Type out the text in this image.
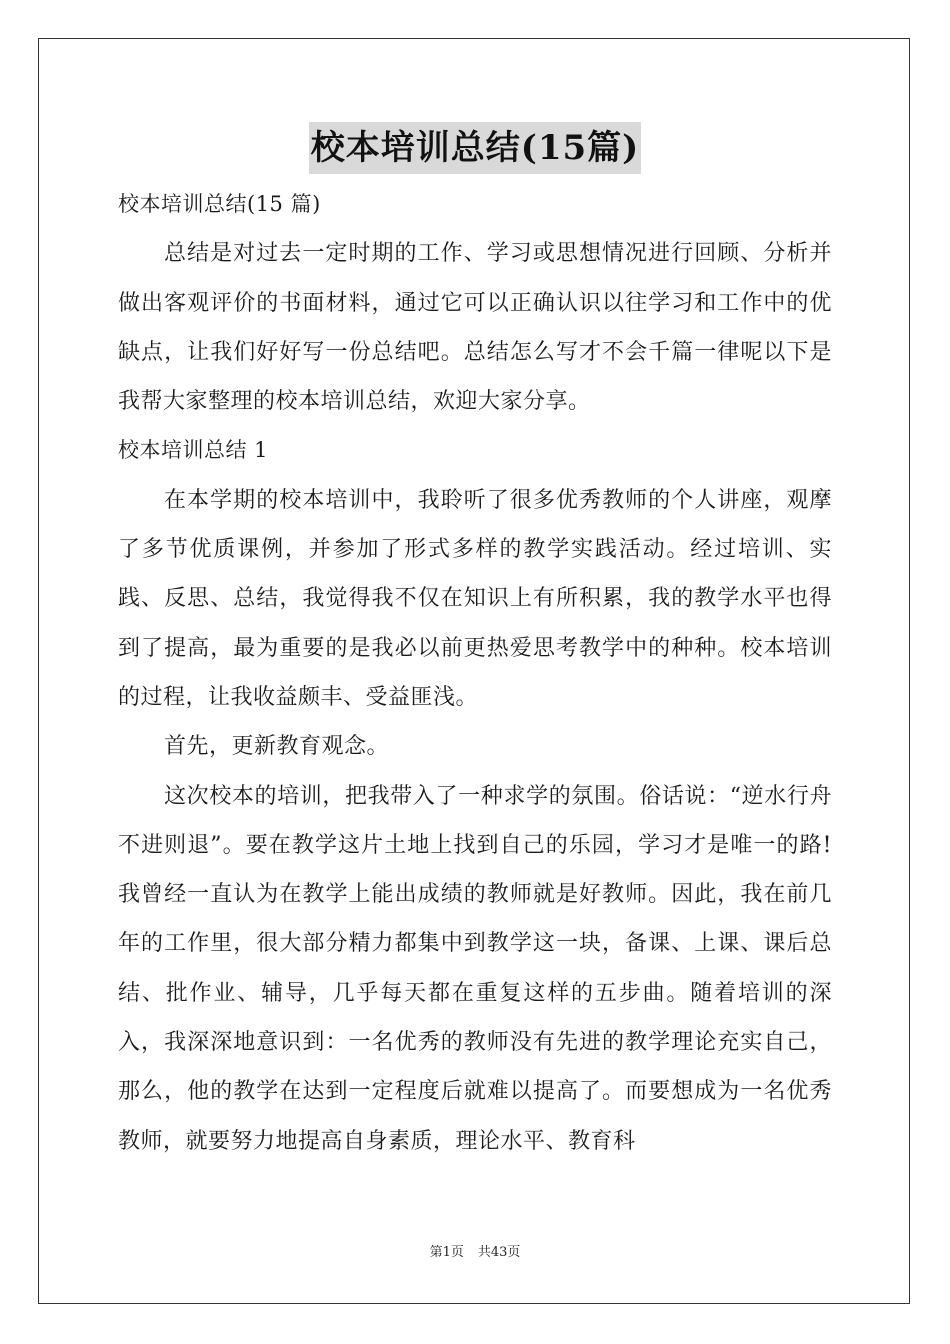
校本培训总结(15篇)

校本培训总结(15 篇)

总结是对过去一定时期的工作、学习或思想情况进行回顾、分析并做出客观评价的书面材料，通过它可以正确认识以往学习和工作中的优缺点，让我们好好写一份总结吧。总结怎么写才不会千篇一律呢以下是我帮大家整理的校本培训总结，欢迎大家分享。

校本培训总结 1

在本学期的校本培训中，我聆听了很多优秀教师的个人讲座，观摩了多节优质课例，并参加了形式多样的教学实践活动。经过培训、实践、反思、总结，我觉得我不仅在知识上有所积累，我的教学水平也得到了提高，最为重要的是我必以前更热爱思考教学中的种种。校本培训的过程，让我收益颇丰、受益匪浅。

首先，更新教育观念。

这次校本的培训，把我带入了一种求学的氛围。俗话说：“逆水行舟不进则退”。要在教学这片土地上找到自己的乐园，学习才是唯一的路!我曾经一直认为在教学上能出成绩的教师就是好教师。因此，我在前几年的工作里，很大部分精力都集中到教学这一块，备课、上课、课后总结、批作业、辅导，几乎每天都在重复这样的五步曲。随着培训的深入，我深深地意识到：一名优秀的教师没有先进的教学理论充实自己，那么，他的教学在达到一定程度后就难以提高了。而要想成为一名优秀教师，就要努力地提高自身素质，理论水平、教育科

第1页 共43页
